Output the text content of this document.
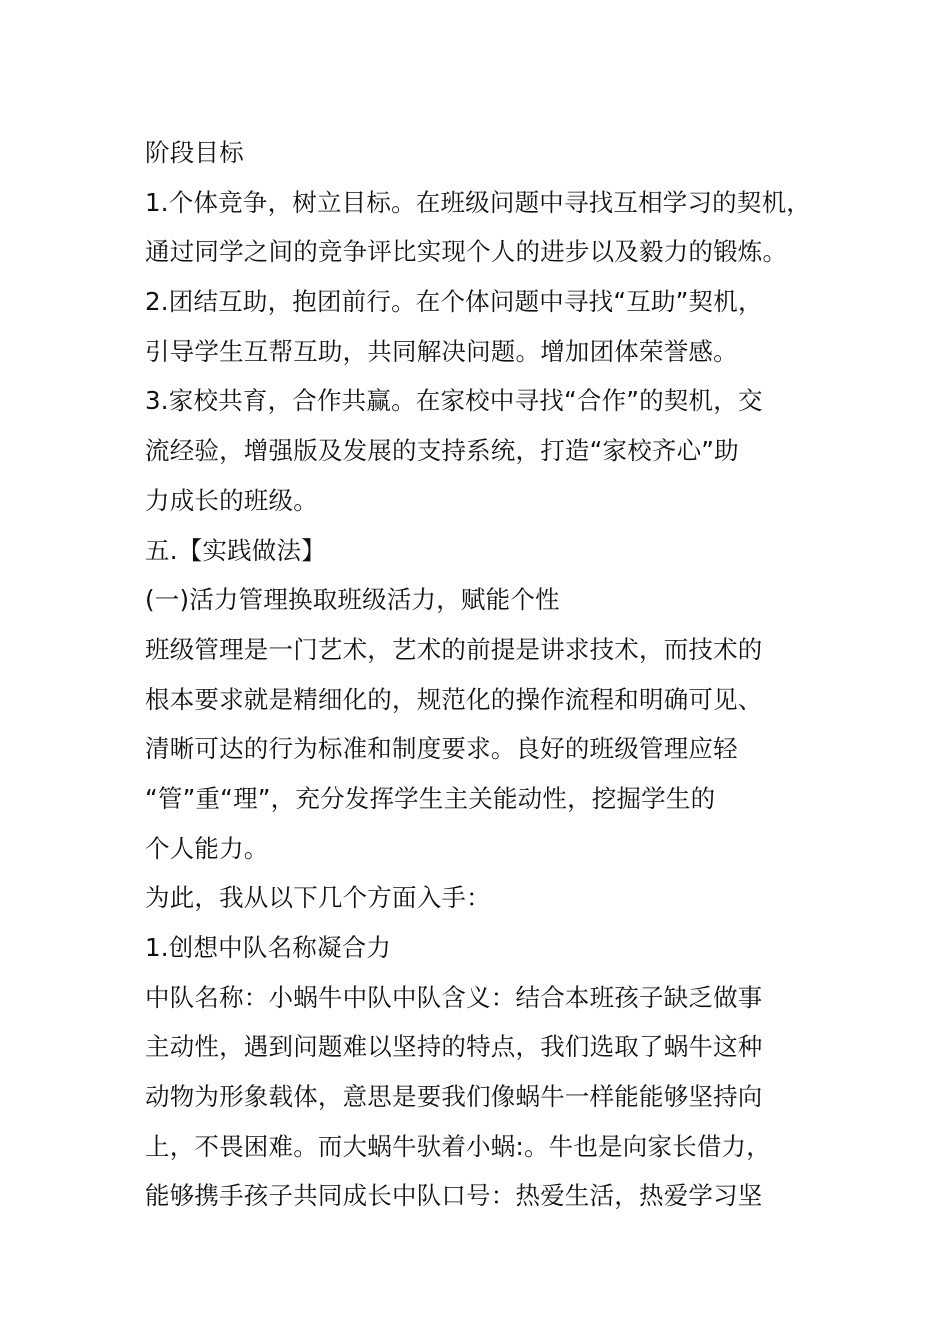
阶段目标
1.个体竞争，树立目标。在班级问题中寻找互相学习的契机，
通过同学之间的竞争评比实现个人的进步以及毅力的锻炼。
2.团结互助，抱团前行。在个体问题中寻找“互助”契机，
引导学生互帮互助，共同解决问题。增加团体荣誉感。
3.家校共育，合作共赢。在家校中寻找“合作”的契机，交
流经验，增强版及发展的支持系统，打造“家校齐心”助
力成长的班级。
五.【实践做法】
(一)活力管理换取班级活力，赋能个性
班级管理是一门艺术，艺术的前提是讲求技术，而技术的
根本要求就是精细化的，规范化的操作流程和明确可见、
清晰可达的行为标准和制度要求。良好的班级管理应轻
“管”重“理”，充分发挥学生主关能动性，挖掘学生的
个人能力。
为此，我从以下几个方面入手：
1.创想中队名称凝合力
中队名称：小蜗牛中队中队含义：结合本班孩子缺乏做事
主动性，遇到问题难以坚持的特点，我们选取了蜗牛这种
动物为形象载体，意思是要我们像蜗牛一样能能够坚持向
上，不畏困难。而大蜗牛驮着小蜗:。牛也是向家长借力，
能够携手孩子共同成长中队口号：热爱生活，热爱学习坚
